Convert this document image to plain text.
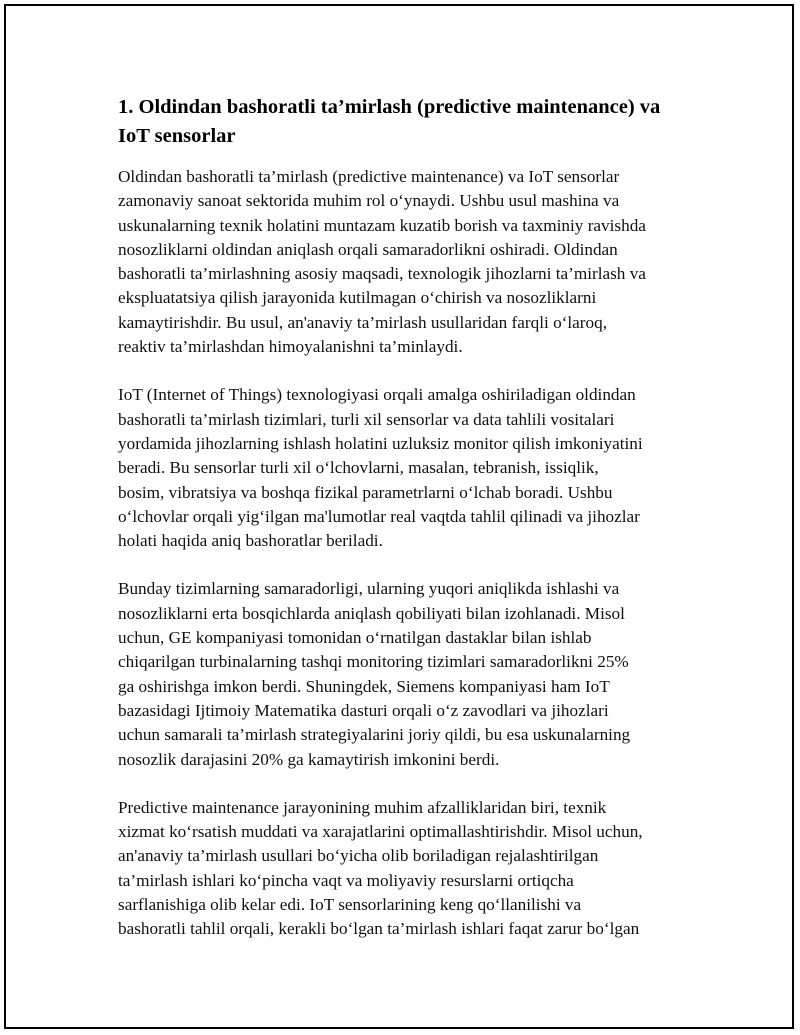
1. Oldindan bashoratli ta’mirlash (predictive maintenance) va
IoT sensorlar

Oldindan bashoratli ta’mirlash (predictive maintenance) va IoT sensorlar
zamonaviy sanoat sektorida muhim rol o‘ynaydi. Ushbu usul mashina va
uskunalarning texnik holatini muntazam kuzatib borish va taxminiy ravishda
nosozliklarni oldindan aniqlash orqali samaradorlikni oshiradi. Oldindan
bashoratli ta’mirlashning asosiy maqsadi, texnologik jihozlarni ta’mirlash va
ekspluatatsiya qilish jarayonida kutilmagan o‘chirish va nosozliklarni
kamaytirishdir. Bu usul, an'anaviy ta’mirlash usullaridan farqli o‘laroq,
reaktiv ta’mirlashdan himoyalanishni ta’minlaydi.

IoT (Internet of Things) texnologiyasi orqali amalga oshiriladigan oldindan
bashoratli ta’mirlash tizimlari, turli xil sensorlar va data tahlili vositalari
yordamida jihozlarning ishlash holatini uzluksiz monitor qilish imkoniyatini
beradi. Bu sensorlar turli xil o‘lchovlarni, masalan, tebranish, issiqlik,
bosim, vibratsiya va boshqa fizikal parametrlarni o‘lchab boradi. Ushbu
o‘lchovlar orqali yig‘ilgan ma'lumotlar real vaqtda tahlil qilinadi va jihozlar
holati haqida aniq bashoratlar beriladi.

Bunday tizimlarning samaradorligi, ularning yuqori aniqlikda ishlashi va
nosozliklarni erta bosqichlarda aniqlash qobiliyati bilan izohlanadi. Misol
uchun, GE kompaniyasi tomonidan o‘rnatilgan dastaklar bilan ishlab
chiqarilgan turbinalarning tashqi monitoring tizimlari samaradorlikni 25%
ga oshirishga imkon berdi. Shuningdek, Siemens kompaniyasi ham IoT
bazasidagi Ijtimoiy Matematika dasturi orqali o‘z zavodlari va jihozlari
uchun samarali ta’mirlash strategiyalarini joriy qildi, bu esa uskunalarning
nosozlik darajasini 20% ga kamaytirish imkonini berdi.

Predictive maintenance jarayonining muhim afzalliklaridan biri, texnik
xizmat ko‘rsatish muddati va xarajatlarini optimallashtirishdir. Misol uchun,
an'anaviy ta’mirlash usullari bo‘yicha olib boriladigan rejalashtirilgan
ta’mirlash ishlari ko‘pincha vaqt va moliyaviy resurslarni ortiqcha
sarflanishiga olib kelar edi. IoT sensorlarining keng qo‘llanilishi va
bashoratli tahlil orqali, kerakli bo‘lgan ta’mirlash ishlari faqat zarur bo‘lgan
